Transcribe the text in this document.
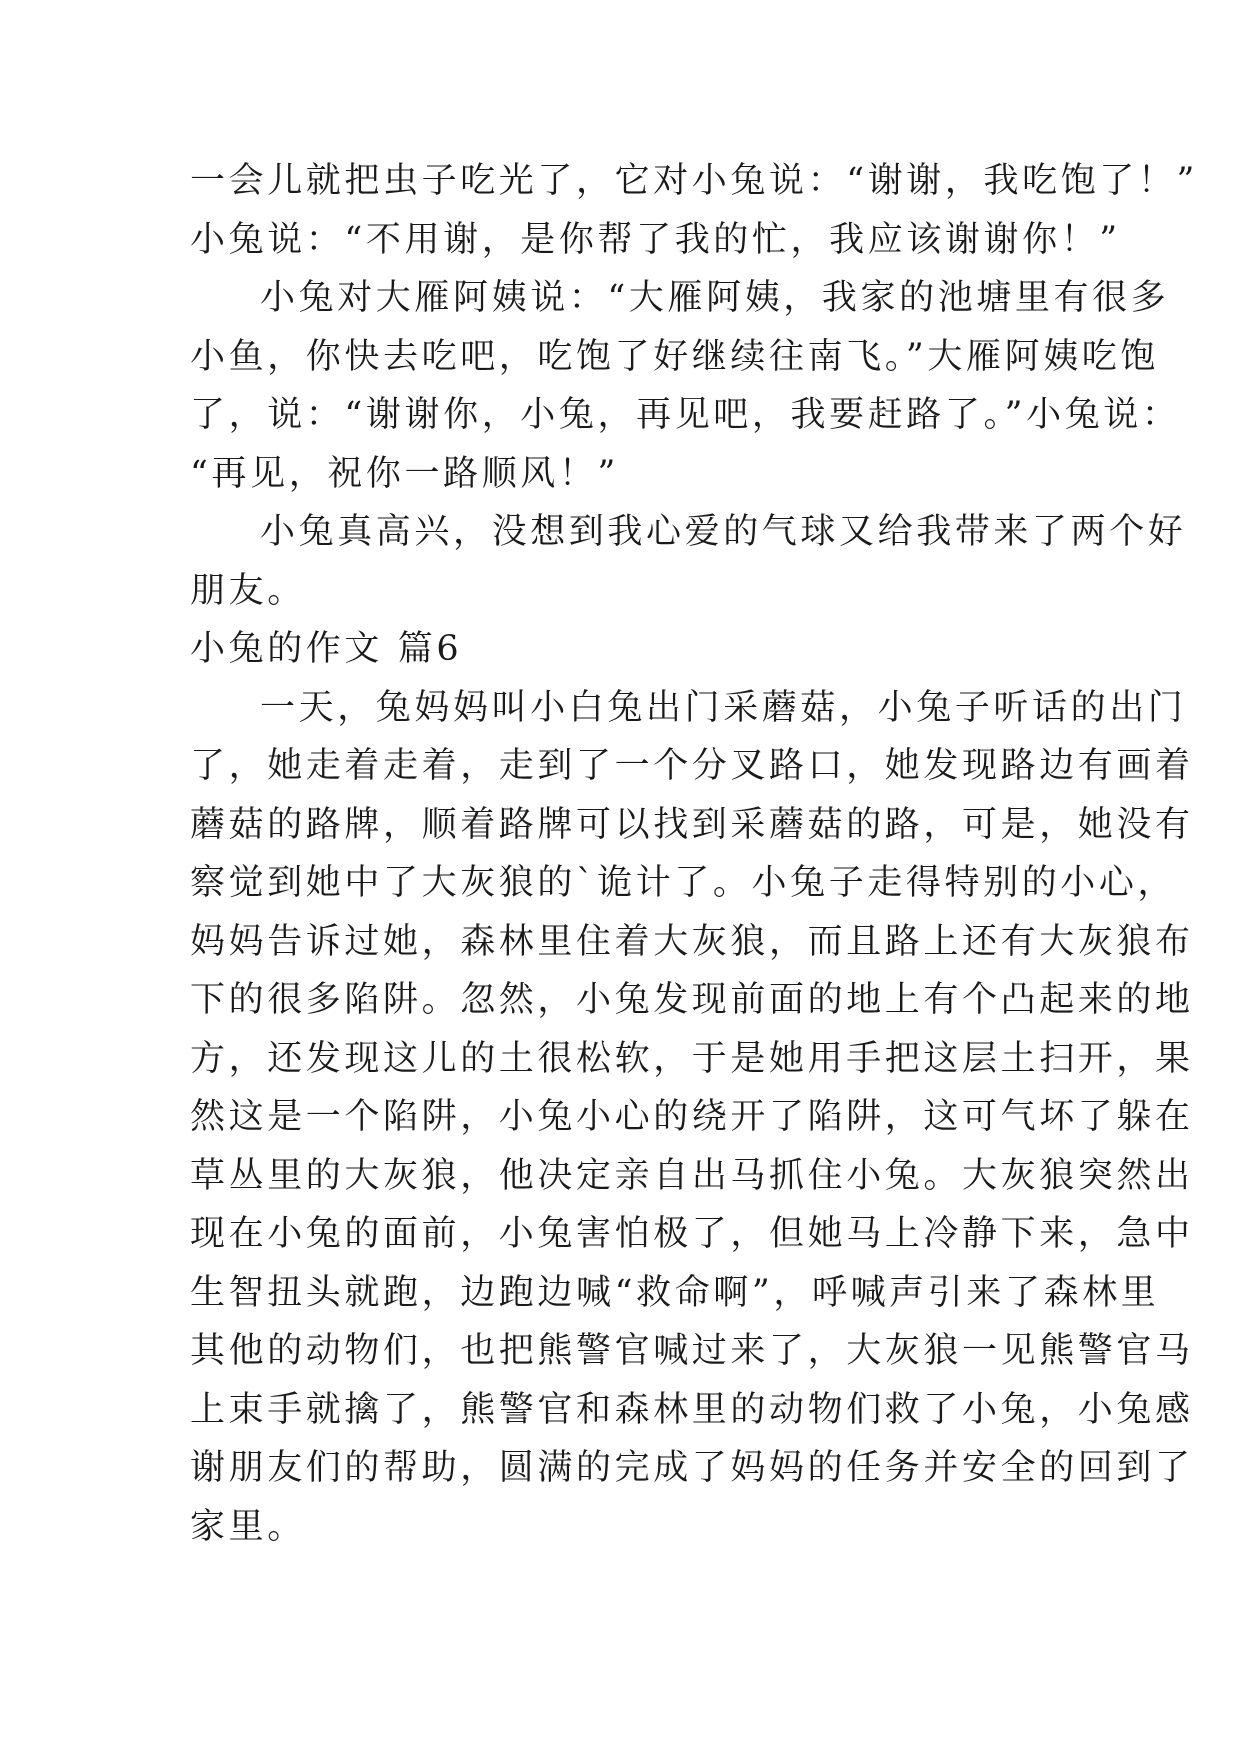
一会儿就把虫子吃光了，它对小兔说：“谢谢，我吃饱了！”
小兔说：“不用谢，是你帮了我的忙，我应该谢谢你！”
小兔对大雁阿姨说：“大雁阿姨，我家的池塘里有很多
小鱼，你快去吃吧，吃饱了好继续往南飞。”大雁阿姨吃饱
了，说：“谢谢你，小兔，再见吧，我要赶路了。”小兔说：
“再见，祝你一路顺风！”
小兔真高兴，没想到我心爱的气球又给我带来了两个好
朋友。
小兔的作文 篇6
一天，兔妈妈叫小白兔出门采蘑菇，小兔子听话的出门
了，她走着走着，走到了一个分叉路口，她发现路边有画着
蘑菇的路牌，顺着路牌可以找到采蘑菇的路，可是，她没有
察觉到她中了大灰狼的`诡计了。小兔子走得特别的小心，
妈妈告诉过她，森林里住着大灰狼，而且路上还有大灰狼布
下的很多陷阱。忽然，小兔发现前面的地上有个凸起来的地
方，还发现这儿的土很松软，于是她用手把这层土扫开，果
然这是一个陷阱，小兔小心的绕开了陷阱，这可气坏了躲在
草丛里的大灰狼，他决定亲自出马抓住小兔。大灰狼突然出
现在小兔的面前，小兔害怕极了，但她马上冷静下来，急中
生智扭头就跑，边跑边喊“救命啊”，呼喊声引来了森林里
其他的动物们，也把熊警官喊过来了，大灰狼一见熊警官马
上束手就擒了，熊警官和森林里的动物们救了小兔，小兔感
谢朋友们的帮助，圆满的完成了妈妈的任务并安全的回到了
家里。
